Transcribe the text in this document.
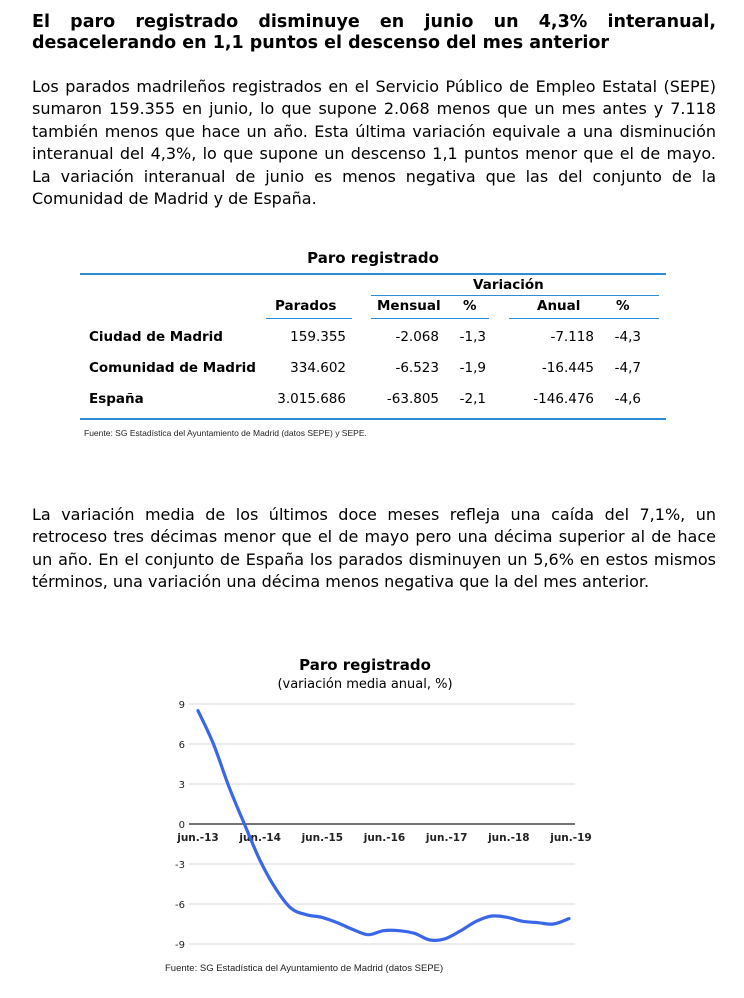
El paro registrado disminuye en junio un 4,3% interanual, desacelerando en 1,1 puntos el descenso del mes anterior
Los parados madrileños registrados en el Servicio Público de Empleo Estatal (SEPE) sumaron 159.355 en junio, lo que supone 2.068 menos que un mes antes y 7.118 también menos que hace un año. Esta última variación equivale a una disminución interanual del 4,3%, lo que supone un descenso 1,1 puntos menor que el de mayo. La variación interanual de junio es menos negativa que las del conjunto de la Comunidad de Madrid y de España.
Paro registrado
Variación
Parados	Mensual %	Anual	%
Ciudad de Madrid	159.355	-2.068 -1,3	-7.118 -4,3
Comunidad de Madrid	334.602	-6.523 -1,9	-16.445 -4,7
España	3.015.686	-63.805 -2,1	-146.476 -4,6
Fuente: SG Estadística del Ayuntamiento de Madrid (datos SEPE) y SEPE.
La variación media de los últimos doce meses refleja una caída del 7,1%, un retroceso tres décimas menor que el de mayo pero una décima superior al de hace un año. En el conjunto de España los parados disminuyen un 5,6% en estos mismos términos, una variación una décima menos negativa que la del mes anterior.
Paro registrado
(variación media anual, %)
9
6
3
0
-3
-6
-9
jun.-13 jun.-14 jun.-15 jun.-16 jun.-17 jun.-18 jun.-19
Fuente: SG Estadística del Ayuntamiento de Madrid (datos SEPE)
